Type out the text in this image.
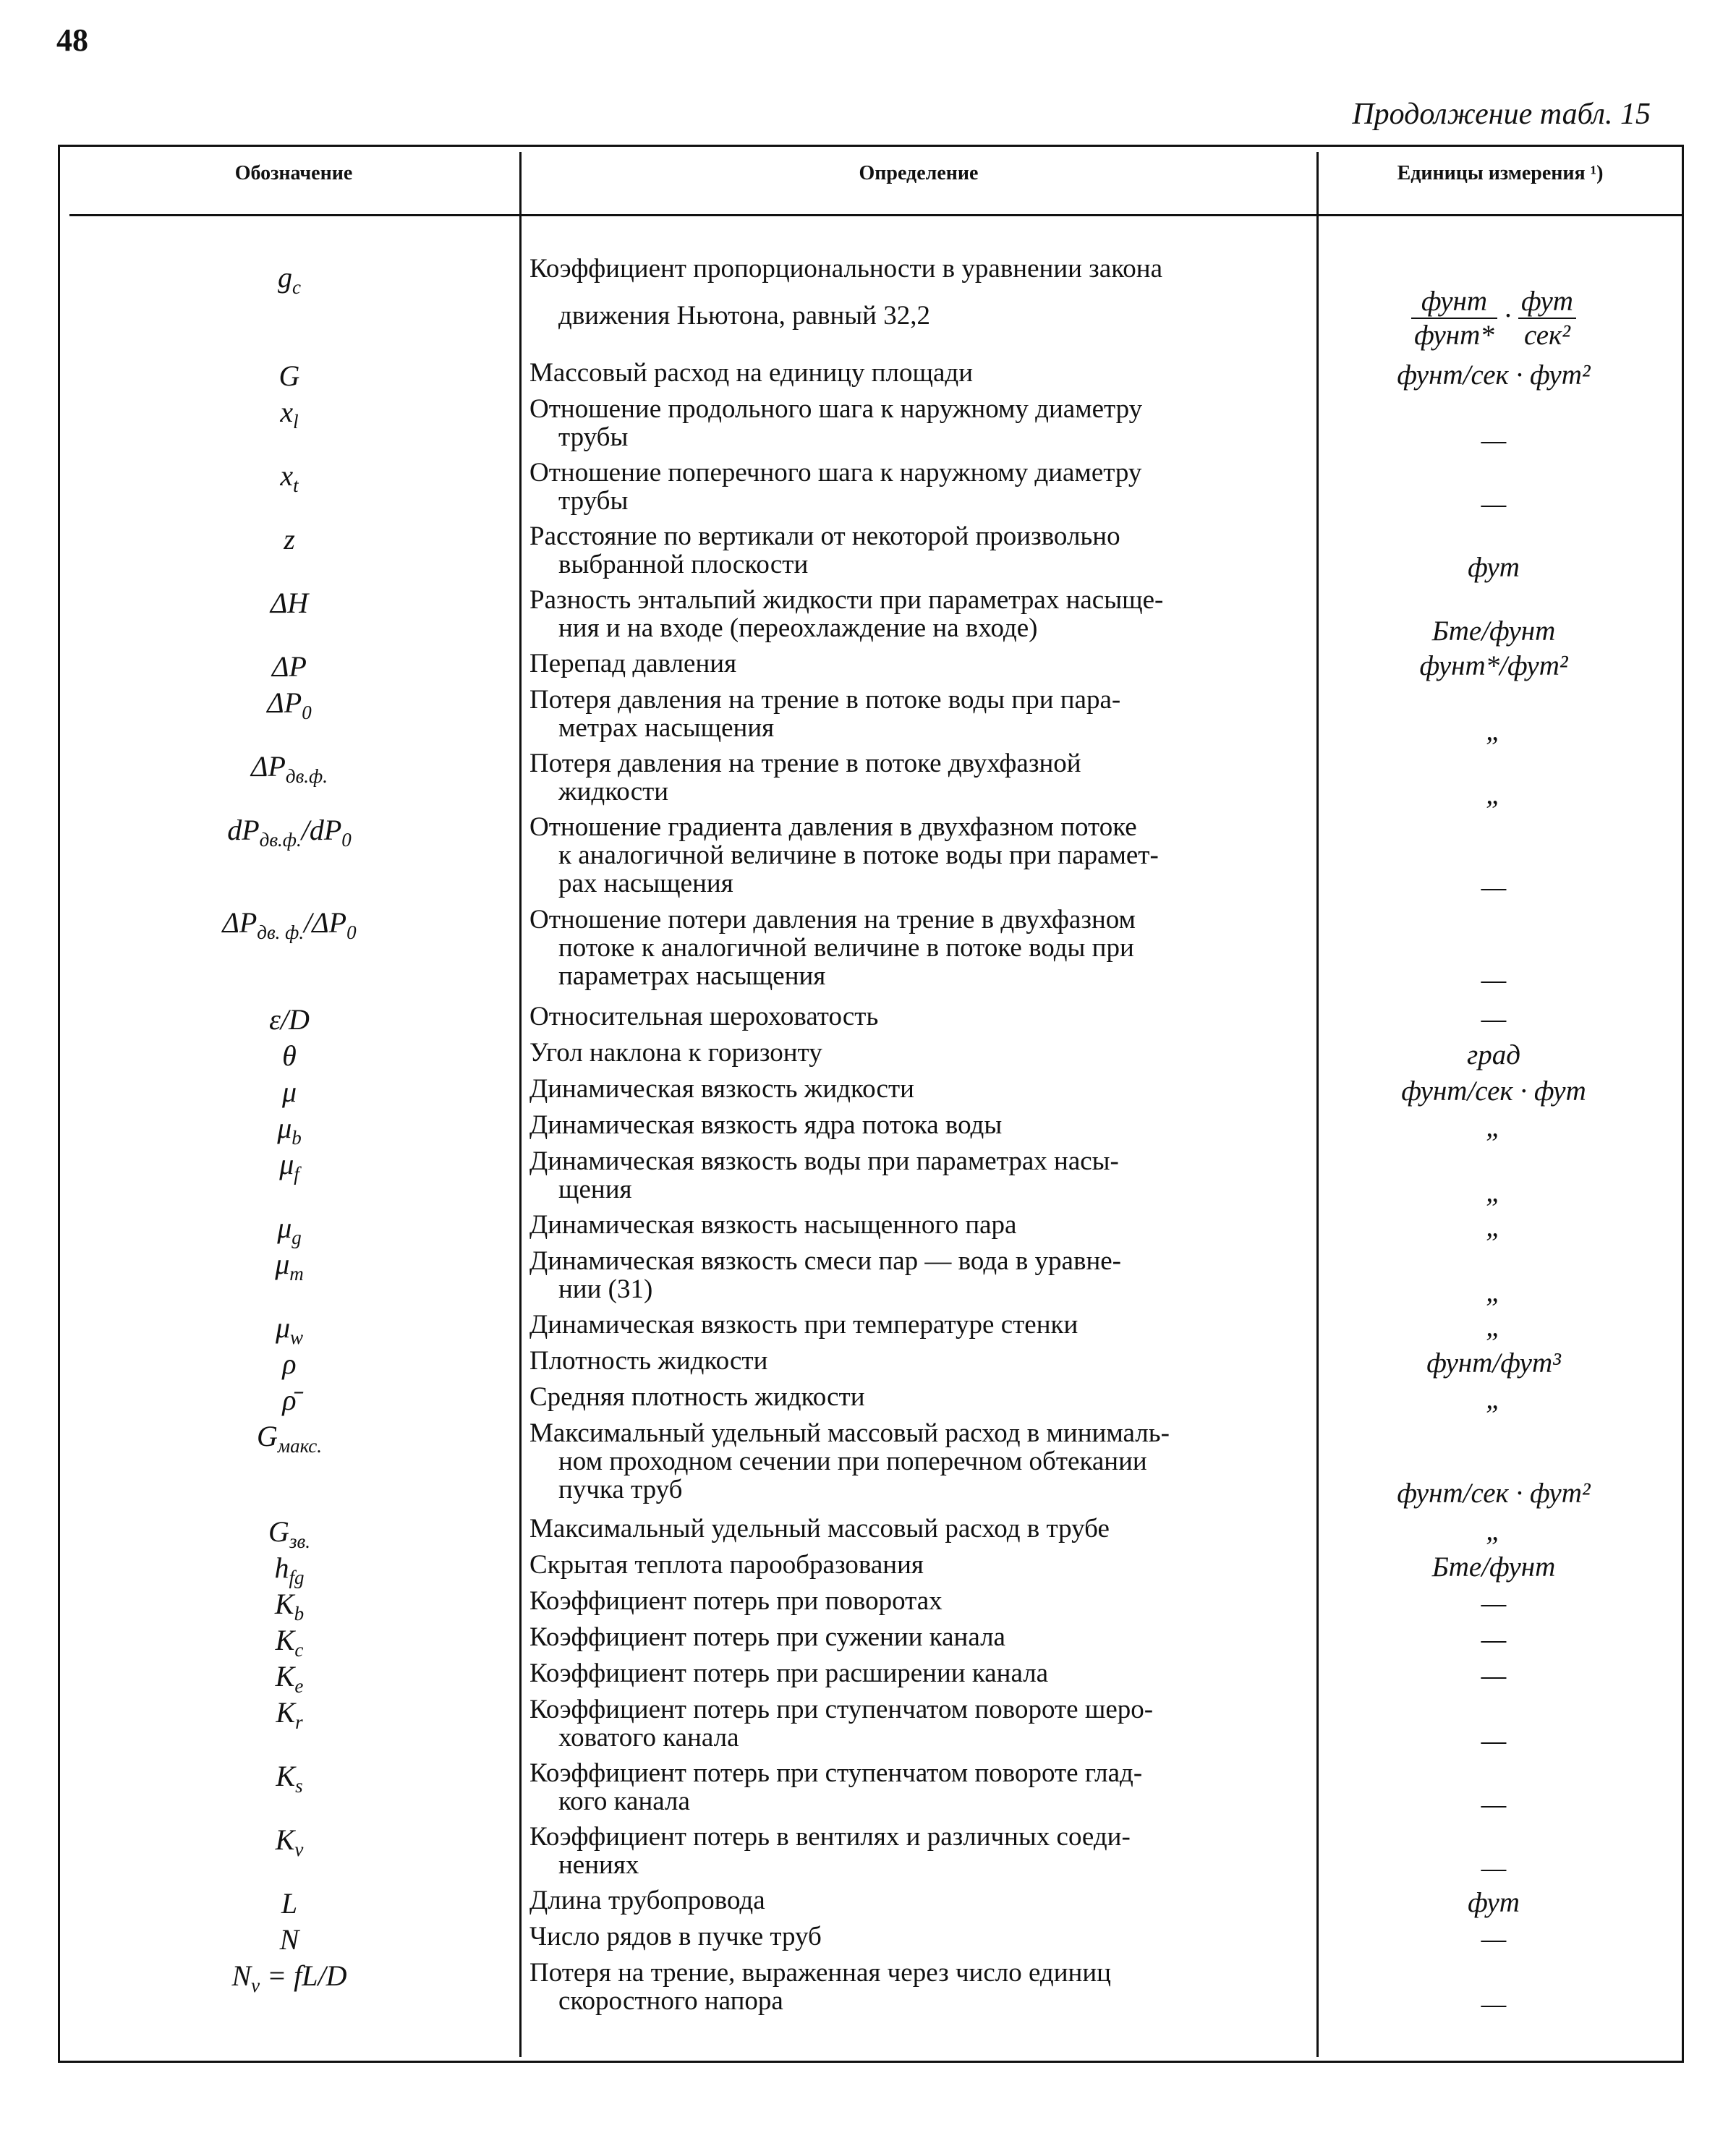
48
Продолжение табл. 15
Обозначение	Определение	Единицы измерения ¹)
$g_c$
Коэффициент пропорциональности в уравнении закона
движения Ньютона, равный 32,2	$\frac{\text{фунт}}{\text{фунт*}} \cdot \frac{\text{фут}}{\text{сек²}}$
G	Массовый расход на единицу площади	фунт/сек · фут²
$x_l$	Отношение продольного шага к наружному диаметру
трубы	—
$x_t$	Отношение поперечного шага к наружному диаметру
трубы	—
z	Расстояние по вертикали от некоторой произвольно
выбранной плоскости	фут
ΔH	Разность энтальпий жидкости при параметрах насыще-
ния и на входе (переохлаждение на входе)	Бте/фунт
ΔP	Перепад давления	фунт*/фут²
$\Delta P_0$	Потеря давления на трение в потоке воды при пара-
метрах насыщения	„
$\Delta P_{дв.ф.}$	Потеря давления на трение в потоке двухфазной
жидкости	„
$dP_{дв.ф.}/dP_0$	Отношение градиента давления в двухфазном потоке
к аналогичной величине в потоке воды при парамет-
рах насыщения	—
$\Delta P_{дв. ф.}/\Delta P_0$	Отношение потери давления на трение в двухфазном
потоке к аналогичной величине в потоке воды при
параметрах насыщения	—
ε/D	Относительная шероховатость	—
θ	Угол наклона к горизонту	град
μ	Динамическая вязкость жидкости	фунт/сек · фут
$\mu_b$	Динамическая вязкость ядра потока воды	„
$\mu_f$	Динамическая вязкость воды при параметрах насы-
щения	„
$\mu_g$	Динамическая вязкость насыщенного пара	„
$\mu_m$	Динамическая вязкость смеси пар — вода в уравне-
нии (31)	„
$\mu_w$	Динамическая вязкость при температуре стенки	„
ρ	Плотность жидкости	фунт/фут³
ρ̄	Средняя плотность жидкости	„
$G_{макс.}$	Максимальный удельный массовый расход в минималь-
ном проходном сечении при поперечном обтекании
пучка труб	фунт/сек · фут²
$G_{зв.}$	Максимальный удельный массовый расход в трубе	„
$h_{fg}$	Скрытая теплота парообразования	Бте/фунт
$K_b$	Коэффициент потерь при поворотах	—
$K_c$	Коэффициент потерь при сужении канала	—
$K_e$	Коэффициент потерь при расширении канала	—
$K_r$	Коэффициент потерь при ступенчатом повороте шеро-
ховатого канала	—
$K_s$	Коэффициент потерь при ступенчатом повороте глад-
кого канала	—
$K_v$	Коэффициент потерь в вентилях и различных соеди-
нениях	—
L	Длина трубопровода	фут
N	Число рядов в пучке труб	—
$N_v = fL/D$	Потеря на трение, выраженная через число единиц
скоростного напора	—
